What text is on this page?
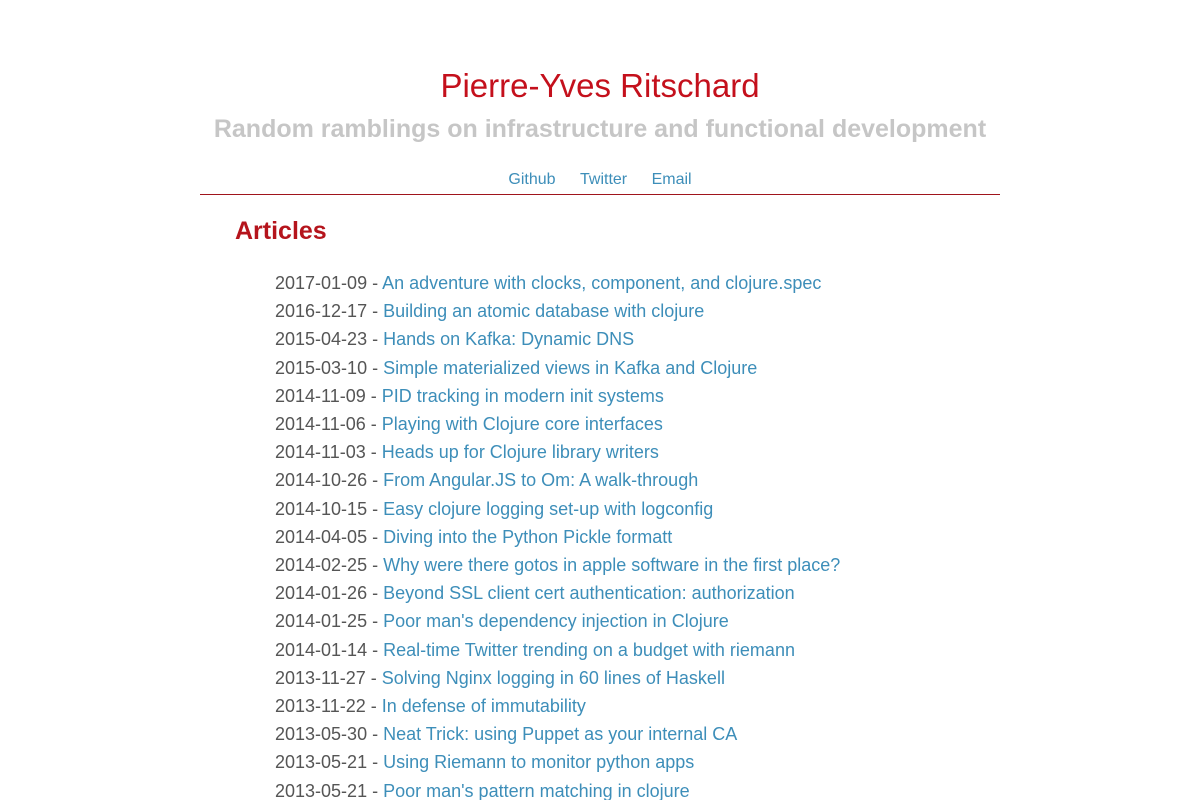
Pierre-Yves Ritschard
Random ramblings on infrastructure and functional development
Github Twitter Email
Articles
2017-01-09 - An adventure with clocks, component, and clojure.spec
2016-12-17 - Building an atomic database with clojure
2015-04-23 - Hands on Kafka: Dynamic DNS
2015-03-10 - Simple materialized views in Kafka and Clojure
2014-11-09 - PID tracking in modern init systems
2014-11-06 - Playing with Clojure core interfaces
2014-11-03 - Heads up for Clojure library writers
2014-10-26 - From Angular.JS to Om: A walk-through
2014-10-15 - Easy clojure logging set-up with logconfig
2014-04-05 - Diving into the Python Pickle formatt
2014-02-25 - Why were there gotos in apple software in the first place?
2014-01-26 - Beyond SSL client cert authentication: authorization
2014-01-25 - Poor man's dependency injection in Clojure
2014-01-14 - Real-time Twitter trending on a budget with riemann
2013-11-27 - Solving Nginx logging in 60 lines of Haskell
2013-11-22 - In defense of immutability
2013-05-30 - Neat Trick: using Puppet as your internal CA
2013-05-21 - Using Riemann to monitor python apps
2013-05-21 - Poor man's pattern matching in clojure
